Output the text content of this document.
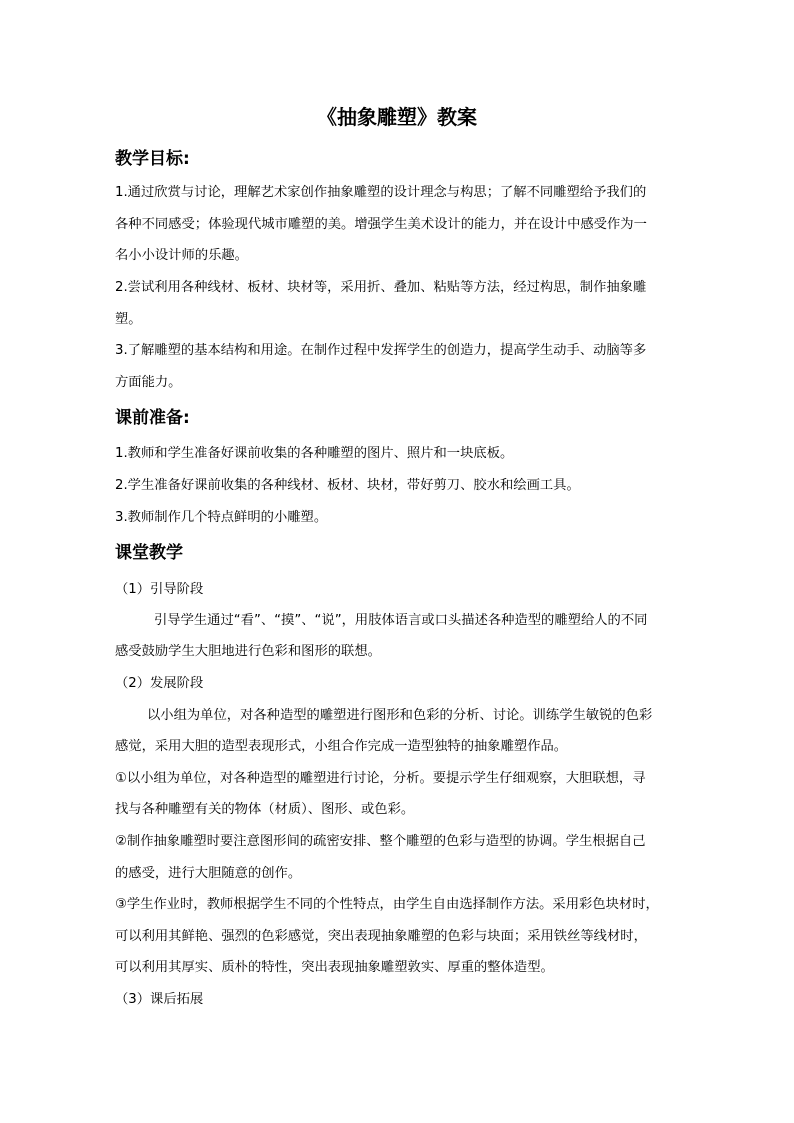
《抽象雕塑》教案
教学目标:
1.通过欣赏与讨论，理解艺术家创作抽象雕塑的设计理念与构思；了解不同雕塑给予我们的
各种不同感受；体验现代城市雕塑的美。增强学生美术设计的能力，并在设计中感受作为一
名小小设计师的乐趣。
2.尝试利用各种线材、板材、块材等，采用折、叠加、粘贴等方法，经过构思，制作抽象雕
塑。
3.了解雕塑的基本结构和用途。在制作过程中发挥学生的创造力，提高学生动手、动脑等多
方面能力。
课前准备:
1.教师和学生准备好课前收集的各种雕塑的图片、照片和一块底板。
2.学生准备好课前收集的各种线材、板材、块材，带好剪刀、胶水和绘画工具。
3.教师制作几个特点鲜明的小雕塑。
课堂教学
（1）引导阶段
引导学生通过“看”、“摸”、“说”，用肢体语言或口头描述各种造型的雕塑给人的不同
感受鼓励学生大胆地进行色彩和图形的联想。
（2）发展阶段
以小组为单位，对各种造型的雕塑进行图形和色彩的分析、讨论。训练学生敏锐的色彩
感觉，采用大胆的造型表现形式，小组合作完成一造型独特的抽象雕塑作品。
①以小组为单位，对各种造型的雕塑进行讨论，分析。要提示学生仔细观察，大胆联想，寻
找与各种雕塑有关的物体（材质）、图形、或色彩。
②制作抽象雕塑时要注意图形间的疏密安排、整个雕塑的色彩与造型的协调。学生根据自己
的感受，进行大胆随意的创作。
③学生作业时，教师根据学生不同的个性特点，由学生自由选择制作方法。采用彩色块材时，
可以利用其鲜艳、强烈的色彩感觉，突出表现抽象雕塑的色彩与块面；采用铁丝等线材时，
可以利用其厚实、质朴的特性，突出表现抽象雕塑敦实、厚重的整体造型。
（3）课后拓展
